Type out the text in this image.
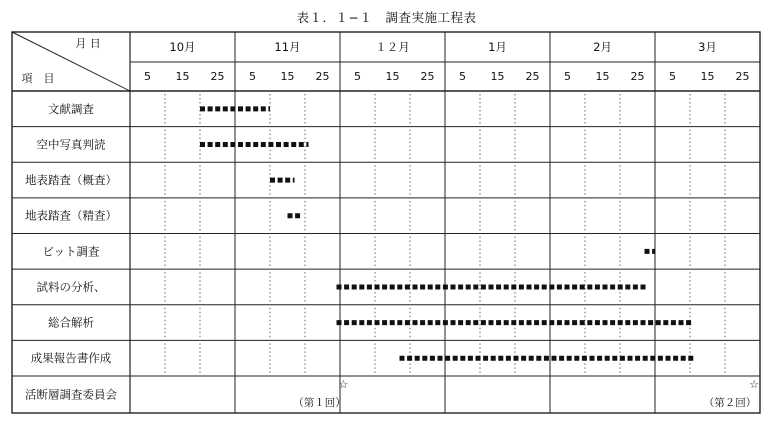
表１．１−１　調査実施工程表
月 日
項　目
10月
5 15 25
11月
5 15 25
１２月
5 15 25
1月
5 15 25
2月
5 15 25
3月
5 15 25
文献調査
空中写真判読
地表踏査（概査）
地表踏査（精査）
ビット調査
試料の分析、
総合解析
成果報告書作成
活断層調査委員会
☆
（第１回）
☆
（第２回）
